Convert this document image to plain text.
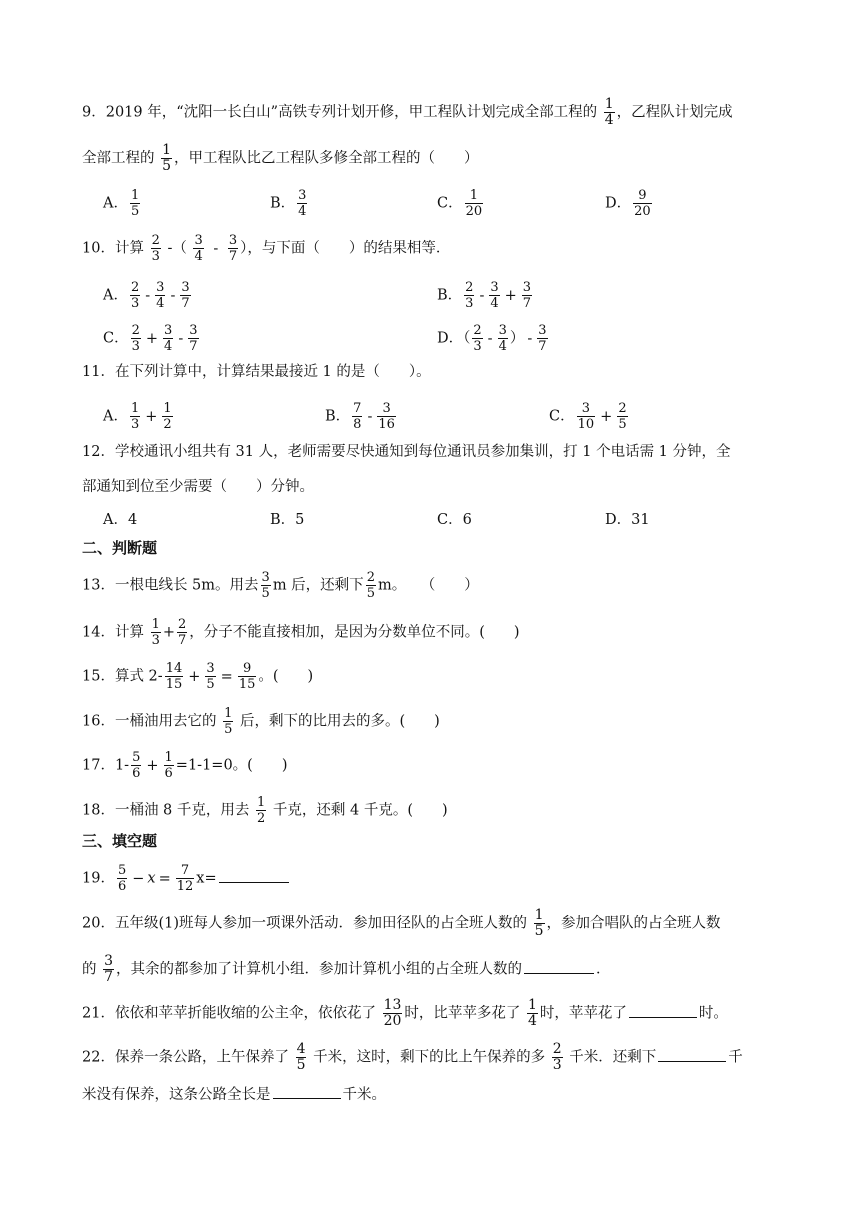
9．2019 年，“沈阳一长白山”高铁专列计划开修，甲工程队计划完成全部工程的 $\frac{1}{4}$ ，乙程队计划完成
全部工程的 $\frac{1}{5}$ ，甲工程队比乙工程队多修全部工程的（　　）
A． $\frac{1}{5}$	B． $\frac{3}{4}$	C． $\frac{1}{20}$	D． $\frac{9}{20}$
10．计算 $\frac{2}{3}$ -（ $\frac{3}{4} - \frac{3}{7}$ ），与下面（　　）的结果相等．
A． $\frac{2}{3} - \frac{3}{4} - \frac{3}{7}$	B． $\frac{2}{3} - \frac{3}{4} + \frac{3}{7}$
C． $\frac{2}{3} + \frac{3}{4} - \frac{3}{7}$	D．（ $\frac{2}{3} - \frac{3}{4}$ ） - $\frac{3}{7}$
11．在下列计算中，计算结果最接近 1 的是（　　）。
A． $\frac{1}{3} + \frac{1}{2}$	B． $\frac{7}{8} - \frac{3}{16}$	C． $\frac{3}{10} + \frac{2}{5}$
12．学校通讯小组共有 31 人，老师需要尽快通知到每位通讯员参加集训，打 1 个电话需 1 分钟，全
部通知到位至少需要（　　）分钟。
A．4	B．5	C．6	D．31
二、判断题
13．一根电线长 5m。用去 $\frac{3}{5}$ m 后，还剩下 $\frac{2}{5}$ m。　　（　　）
14．计算 $\frac{1}{3} + \frac{2}{7}$ ，分子不能直接相加，是因为分数单位不同。(　　)
15．算式 $2- \frac{14}{15} + \frac{3}{5} = \frac{9}{15}$ 。(　　)
16．一桶油用去它的 $\frac{1}{5}$ 后，剩下的比用去的多。(　　)
17．$1- \frac{5}{6} + \frac{1}{6} =1-1=0$。(　　)
18．一桶油 8 千克，用去 $\frac{1}{2}$ 千克，还剩 4 千克。(　　)
三、填空题
19． $\frac{5}{6} - x = \frac{7}{12} x=$
20．五年级(1)班每人参加一项课外活动．参加田径队的占全班人数的 $\frac{1}{5}$ ，参加合唱队的占全班人数
的 $\frac{3}{7}$ ，其余的都参加了计算机小组．参加计算机小组的占全班人数的	．
21．依依和苹苹折能收缩的公主伞，依依花了 $\frac{13}{20}$ 时，比苹苹多花了 $\frac{1}{4}$ 时，苹苹花了	时。
22．保养一条公路，上午保养了 $\frac{4}{5}$ 千米，这时，剩下的比上午保养的多 $\frac{2}{3}$ 千米．还剩下	千
米没有保养，这条公路全长是	千米。
